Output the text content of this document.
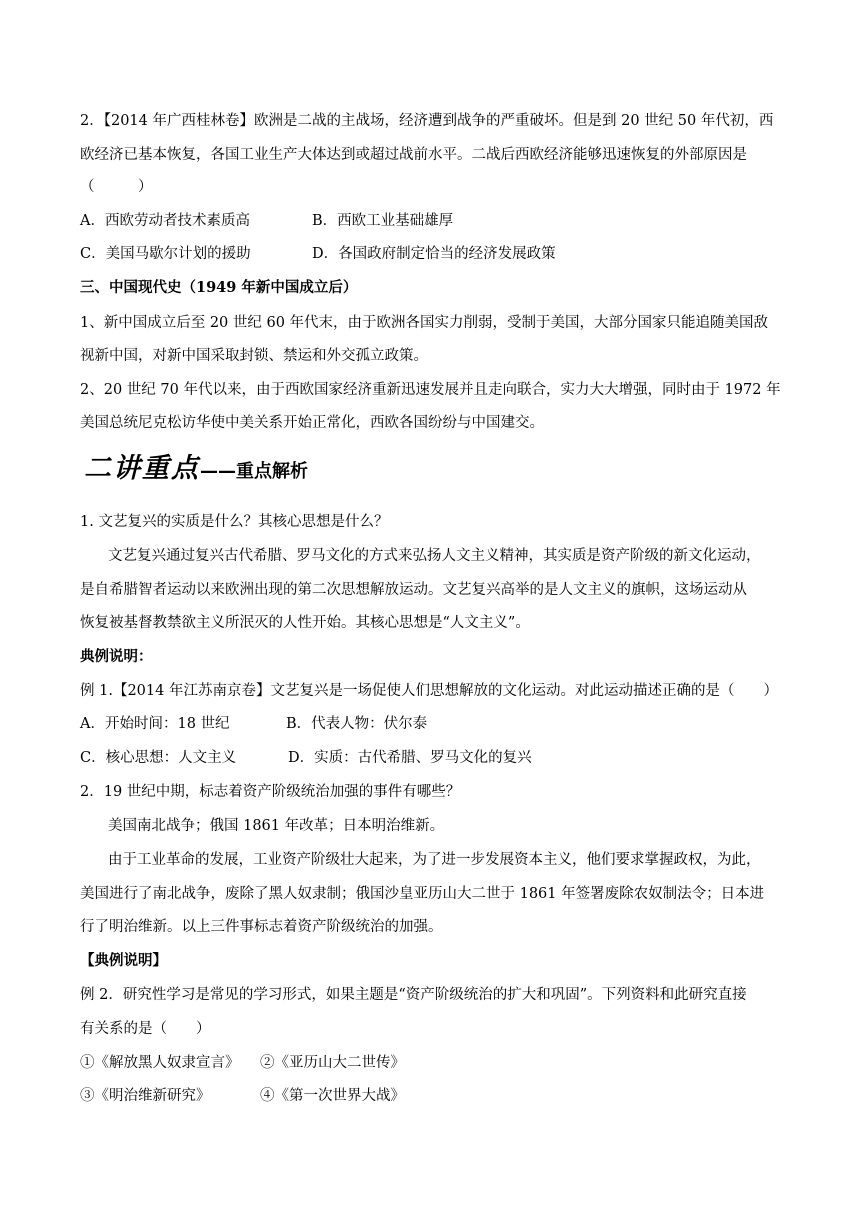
2．【2014 年广西桂林卷】欧洲是二战的主战场，经济遭到战争的严重破坏。但是到 20 世纪 50 年代初，西
欧经济已基本恢复，各国工业生产大体达到或超过战前水平。二战后西欧经济能够迅速恢复的外部原因是
（　　　）
A．西欧劳动者技术素质高	B．西欧工业基础雄厚
C．美国马歇尔计划的援助	D．各国政府制定恰当的经济发展政策
三、中国现代史（1949 年新中国成立后）
1、新中国成立后至 20 世纪 60 年代末，由于欧洲各国实力削弱，受制于美国，大部分国家只能追随美国敌
视新中国，对新中国采取封锁、禁运和外交孤立政策。
2、20 世纪 70 年代以来，由于西欧国家经济重新迅速发展并且走向联合，实力大大增强，同时由于 1972 年
美国总统尼克松访华使中美关系开始正常化，西欧各国纷纷与中国建交。
二讲重点——重点解析
1. 文艺复兴的实质是什么？其核心思想是什么？
文艺复兴通过复兴古代希腊、罗马文化的方式来弘扬人文主义精神，其实质是资产阶级的新文化运动，
是自希腊智者运动以来欧洲出现的第二次思想解放运动。文艺复兴高举的是人文主义的旗帜，这场运动从
恢复被基督教禁欲主义所泯灭的人性开始。其核心思想是“人文主义”。
典例说明：
例 1.【2014 年江苏南京卷】文艺复兴是一场促使人们思想解放的文化运动。对此运动描述正确的是（　　）
A．开始时间：18 世纪	B．代表人物：伏尔泰
C．核心思想：人文主义	D．实质：古代希腊、罗马文化的复兴
2．19 世纪中期，标志着资产阶级统治加强的事件有哪些？
美国南北战争；俄国 1861 年改革；日本明治维新。
由于工业革命的发展，工业资产阶级壮大起来，为了进一步发展资本主义，他们要求掌握政权，为此，
美国进行了南北战争，废除了黑人奴隶制；俄国沙皇亚历山大二世于 1861 年签署废除农奴制法令；日本进
行了明治维新。以上三件事标志着资产阶级统治的加强。
【典例说明】
例 2．研究性学习是常见的学习形式，如果主题是“资产阶级统治的扩大和巩固”。下列资料和此研究直接
有关系的是（　　）
①《解放黑人奴隶宣言》 ②《亚历山大二世传》
③《明治维新研究》	④《第一次世界大战》
